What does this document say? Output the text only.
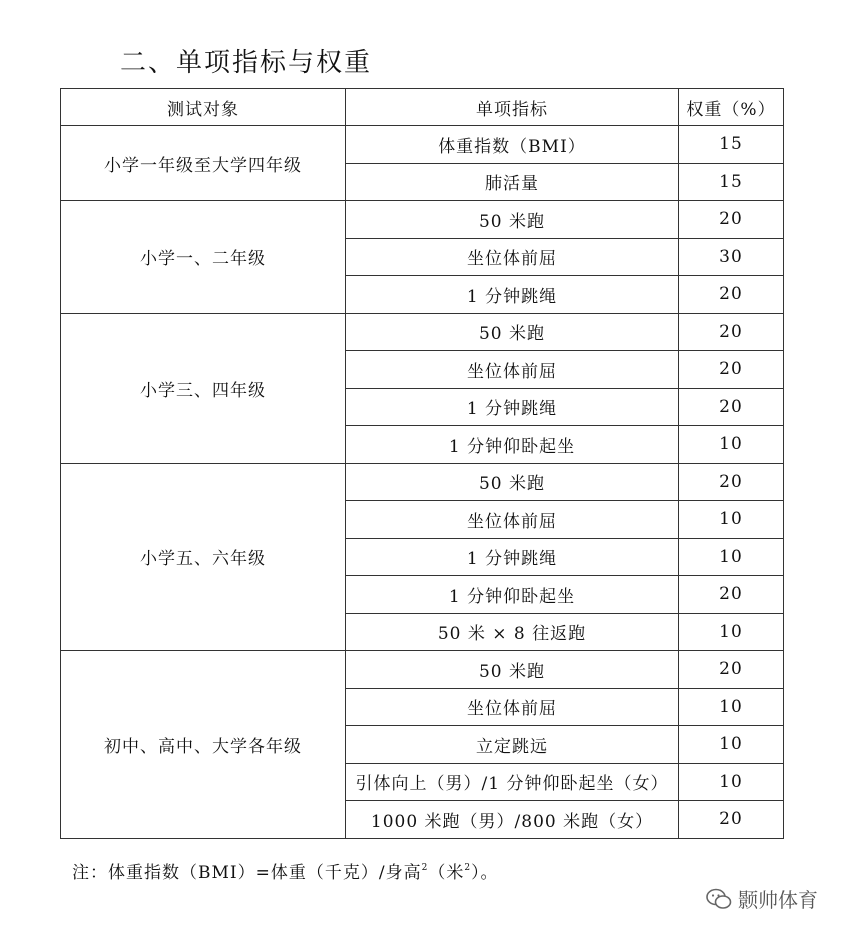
二、单项指标与权重
测试对象	单项指标	权重（%）
小学一年级至大学四年级	体重指数（BMI）	15
	肺活量	15
小学一、二年级	50 米跑	20
	坐位体前屈	30
	1 分钟跳绳	20
小学三、四年级	50 米跑	20
	坐位体前屈	20
	1 分钟跳绳	20
	1 分钟仰卧起坐	10
小学五、六年级	50 米跑	20
	坐位体前屈	10
	1 分钟跳绳	10
	1 分钟仰卧起坐	20
	50 米 × 8 往返跑	10
初中、高中、大学各年级	50 米跑	20
	坐位体前屈	10
	立定跳远	10
	引体向上（男）/1 分钟仰卧起坐（女）	10
	1000 米跑（男）/800 米跑（女）	20
注：体重指数（BMI）=体重（千克）/身高$^2$（米$^2$）。
颢帅体育
